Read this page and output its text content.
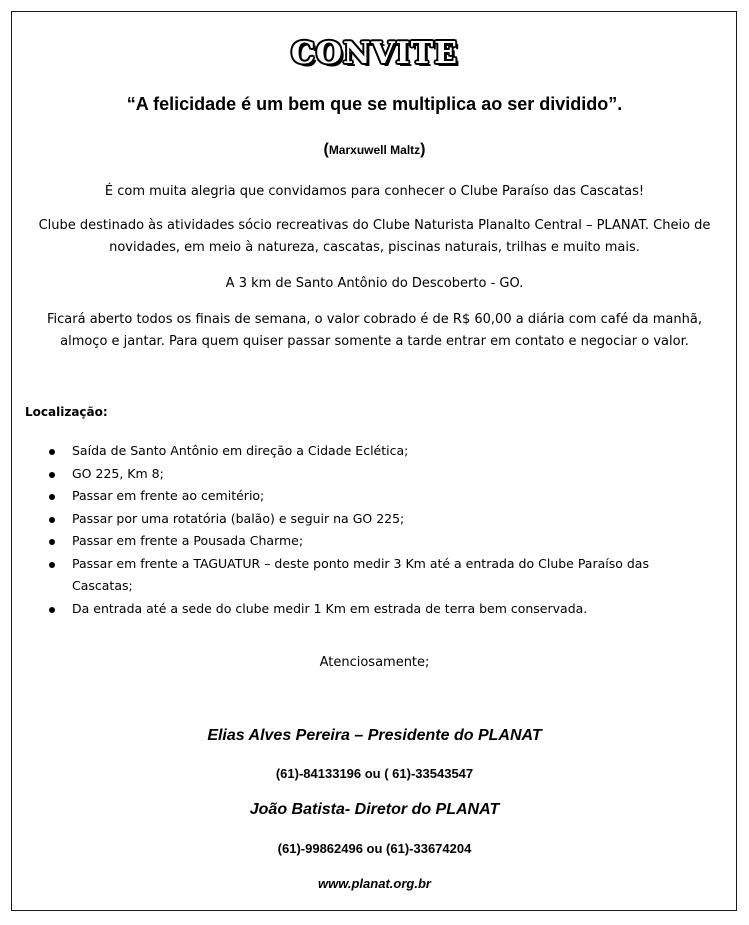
CONVITE
“A felicidade é um bem que se multiplica ao ser dividido”.
(Marxuwell Maltz)
É com muita alegria que convidamos para conhecer o Clube Paraíso das Cascatas!
Clube destinado às atividades sócio recreativas do Clube Naturista Planalto Central – PLANAT. Cheio de novidades, em meio à natureza, cascatas, piscinas naturais, trilhas e muito mais.
A 3 km de Santo Antônio do Descoberto - GO.
Ficará aberto todos os finais de semana, o valor cobrado é de R$ 60,00 a diária com café da manhã, almoço e jantar. Para quem quiser passar somente a tarde entrar em contato e negociar o valor.
Localização:
Saída de Santo Antônio em direção a Cidade Eclética;
GO 225, Km 8;
Passar em frente ao cemitério;
Passar por uma rotatória (balão) e seguir na GO 225;
Passar em frente a Pousada Charme;
Passar em frente a TAGUATUR – deste ponto medir 3 Km até a entrada do Clube Paraíso das Cascatas;
Da entrada até a sede do clube medir 1 Km em estrada de terra bem conservada.
Atenciosamente;
Elias Alves Pereira – Presidente do PLANAT
(61)-84133196 ou ( 61)-33543547
João Batista- Diretor do PLANAT
(61)-99862496 ou (61)-33674204
www.planat.org.br
